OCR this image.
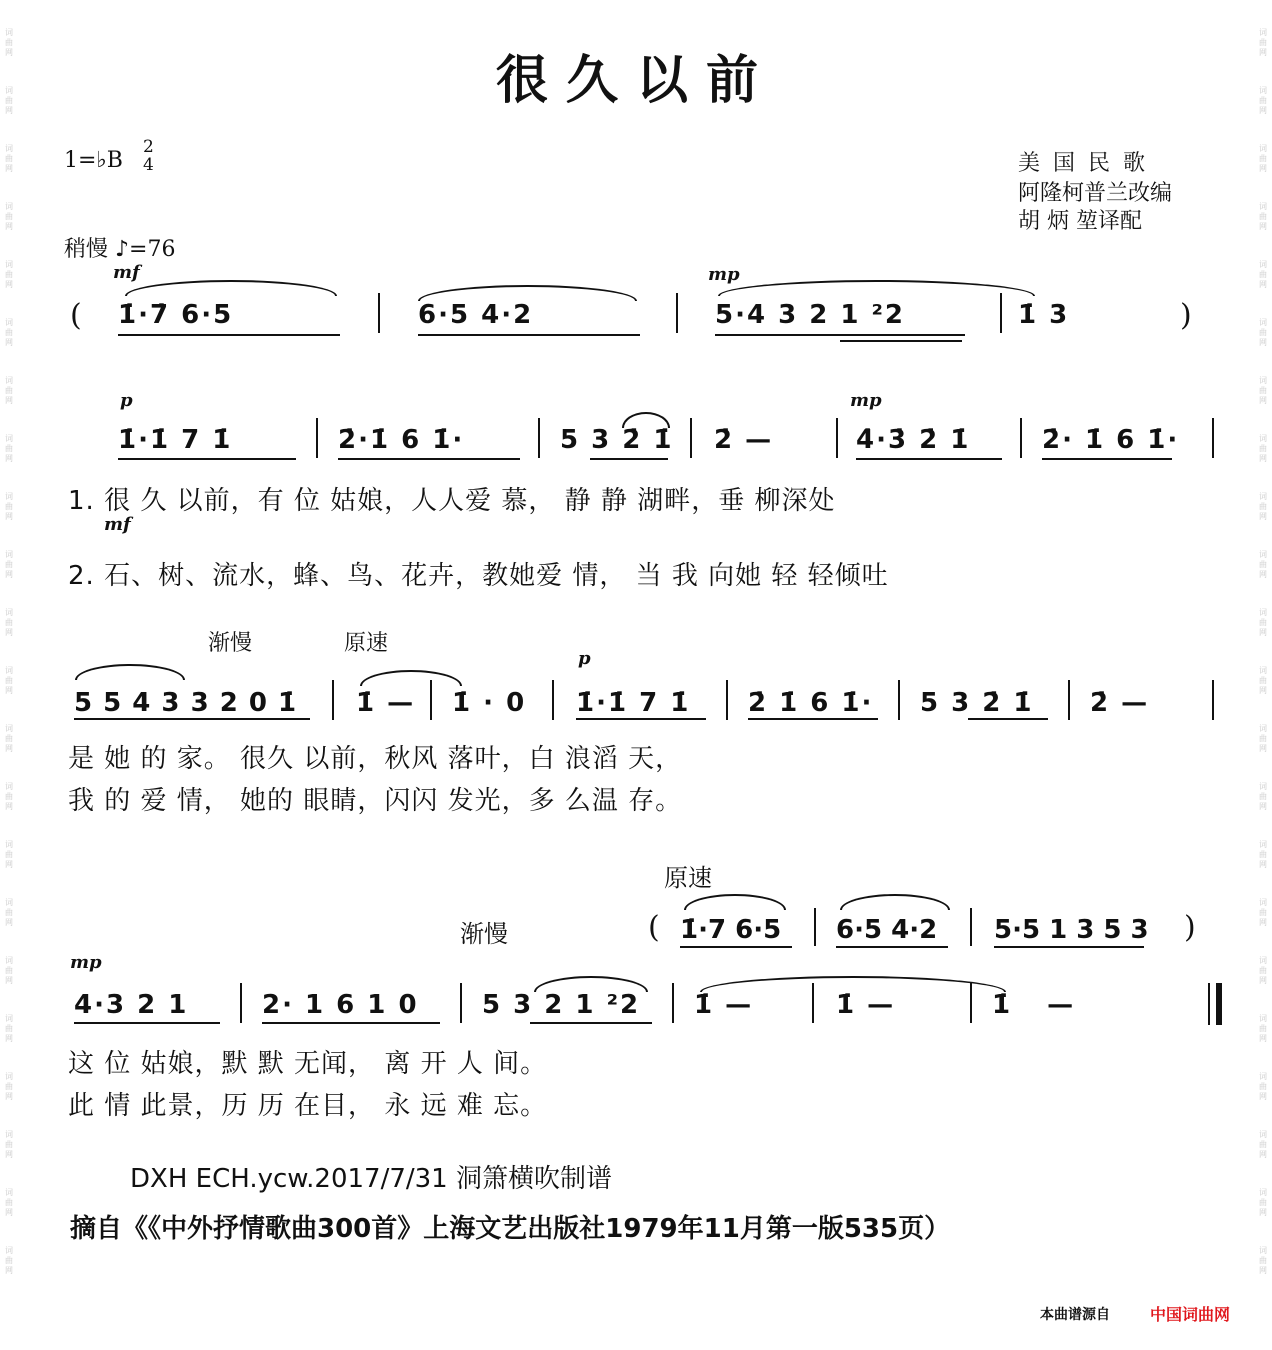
词
曲
网
词
曲
网
词
曲
网
词
曲
网
词
曲
网
词
曲
网
词
曲
网
词
曲
网
词
曲
网
词
曲
网
词
曲
网
词
曲
网
词
曲
网
词
曲
网
词
曲
网
词
曲
网
词
曲
网
词
曲
网
词
曲
网
词
曲
网
词
曲
网
词
曲
网
词
曲
网
词
曲
网
词
曲
网
词
曲
网
词
曲
网
词
曲
网
词
曲
网
词
曲
网
词
曲
网
词
曲
网
词
曲
网
词
曲
网
词
曲
网
词
曲
网
词
曲
网
词
曲
网
词
曲
网
词
曲
网
词
曲
网
词
曲
网
词
曲
网
词
曲
网
很久以前
1=♭B
2
4	美 国 民 歌
阿隆柯普兰改编
胡 炳 堃译配
稍慢 ♪=76
mf	mp
( 1̇·7̇ 6·5	6·5 4·2	5·4 3 2 1 ²2	1̇ 3	)
p	mp
1̇·1̇ 7 1̇	2̇·1̇ 6 1̇·	5 3 2̇ 1̇ 2̇ —	4̇·3̇ 2̇ 1̇	2̇· 1̇ 6 1̇·
1. 很 久 以前，有 位 姑娘，人人爱 慕， 静 静 湖畔，垂 柳深处
mf
2. 石、树、流水，蜂、鸟、花卉，教她爱 情， 当 我 向她 轻 轻倾吐
渐慢	原速
p
5 5 4 3 3 2 0 1̇ 1̇ — 1̇ · 0 1̇·1̇ 7 1̇ 2̇ 1̇ 6 1̇· 5 3 2̇ 1̇ 2̇ —
是 她 的 家。 很久 以前，秋风 落叶，白 浪滔 天，
我 的 爱 情， 她的 眼睛，闪闪 发光，多 么温 存。
原速
渐慢	( 1̇·7 6·5 6·5 4·2 5·5 1 3 5 3 )
mp
4·3 2 1	2· 1 6 1 0 5 3 2 1 ²2 1̇ —	1̇ —	1̇ —
这 位 姑娘，默 默 无闻， 离 开 人 间。
此 情 此景，历 历 在目， 永 远 难 忘。
DXH ECH.ycw.2017/7/31 洞箫横吹制谱
摘自《《中外抒情歌曲300首》上海文艺出版社1979年11月第一版535页）
本曲谱源自	中国词曲网
